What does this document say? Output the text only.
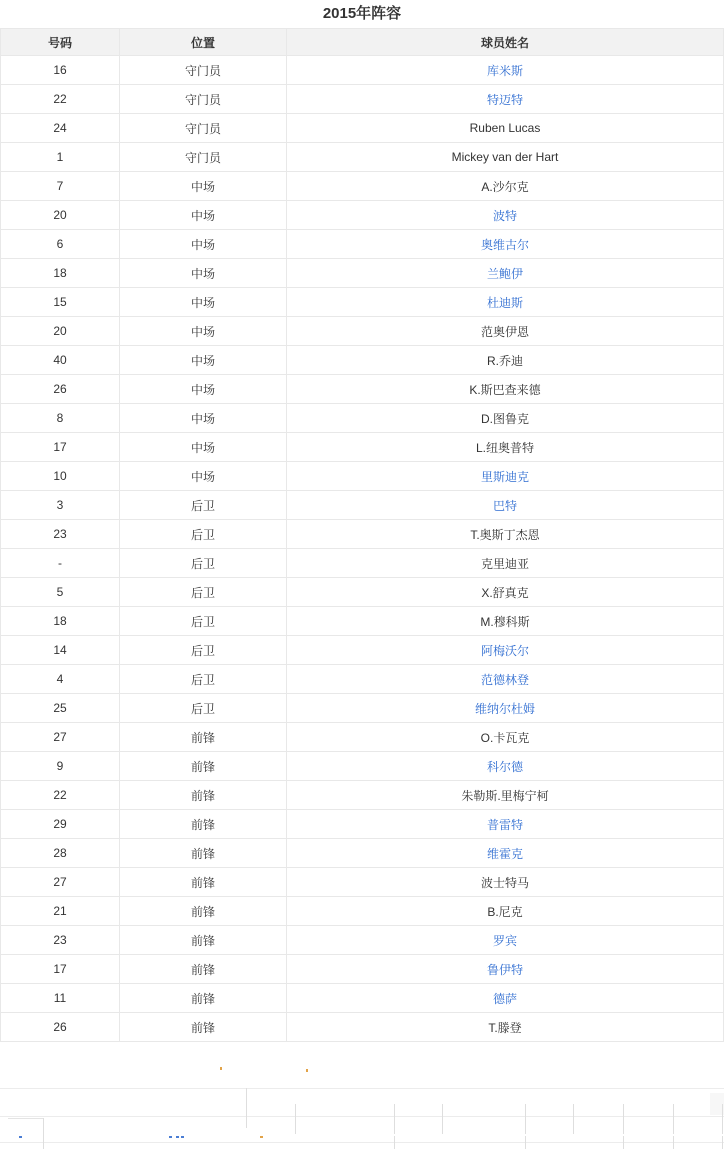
2015年阵容
号码	位置	球员姓名
16	守门员	库米斯
22	守门员	特迈特
24	守门员	Ruben Lucas
1	守门员	Mickey van der Hart
7	中场	A.沙尔克
20	中场	波特
6	中场	奥维古尔
18	中场	兰鲍伊
15	中场	杜迪斯
20	中场	范奥伊恩
40	中场	R.乔迪
26	中场	K.斯巴查来德
8	中场	D.图鲁克
17	中场	L.纽奥普特
10	中场	里斯迪克
3	后卫	巴特
23	后卫	T.奥斯丁杰恩
-	后卫	克里迪亚
5	后卫	X.舒真克
18	后卫	M.穆科斯
14	后卫	阿梅沃尔
4	后卫	范德林登
25	后卫	维纳尔杜姆
27	前锋	O.卡瓦克
9	前锋	科尔德
22	前锋	朱勒斯.里梅宁柯
29	前锋	普雷特
28	前锋	维霍克
27	前锋	波士特马
21	前锋	B.尼克
23	前锋	罗宾
17	前锋	鲁伊特
11	前锋	德萨
26	前锋	T.滕登
